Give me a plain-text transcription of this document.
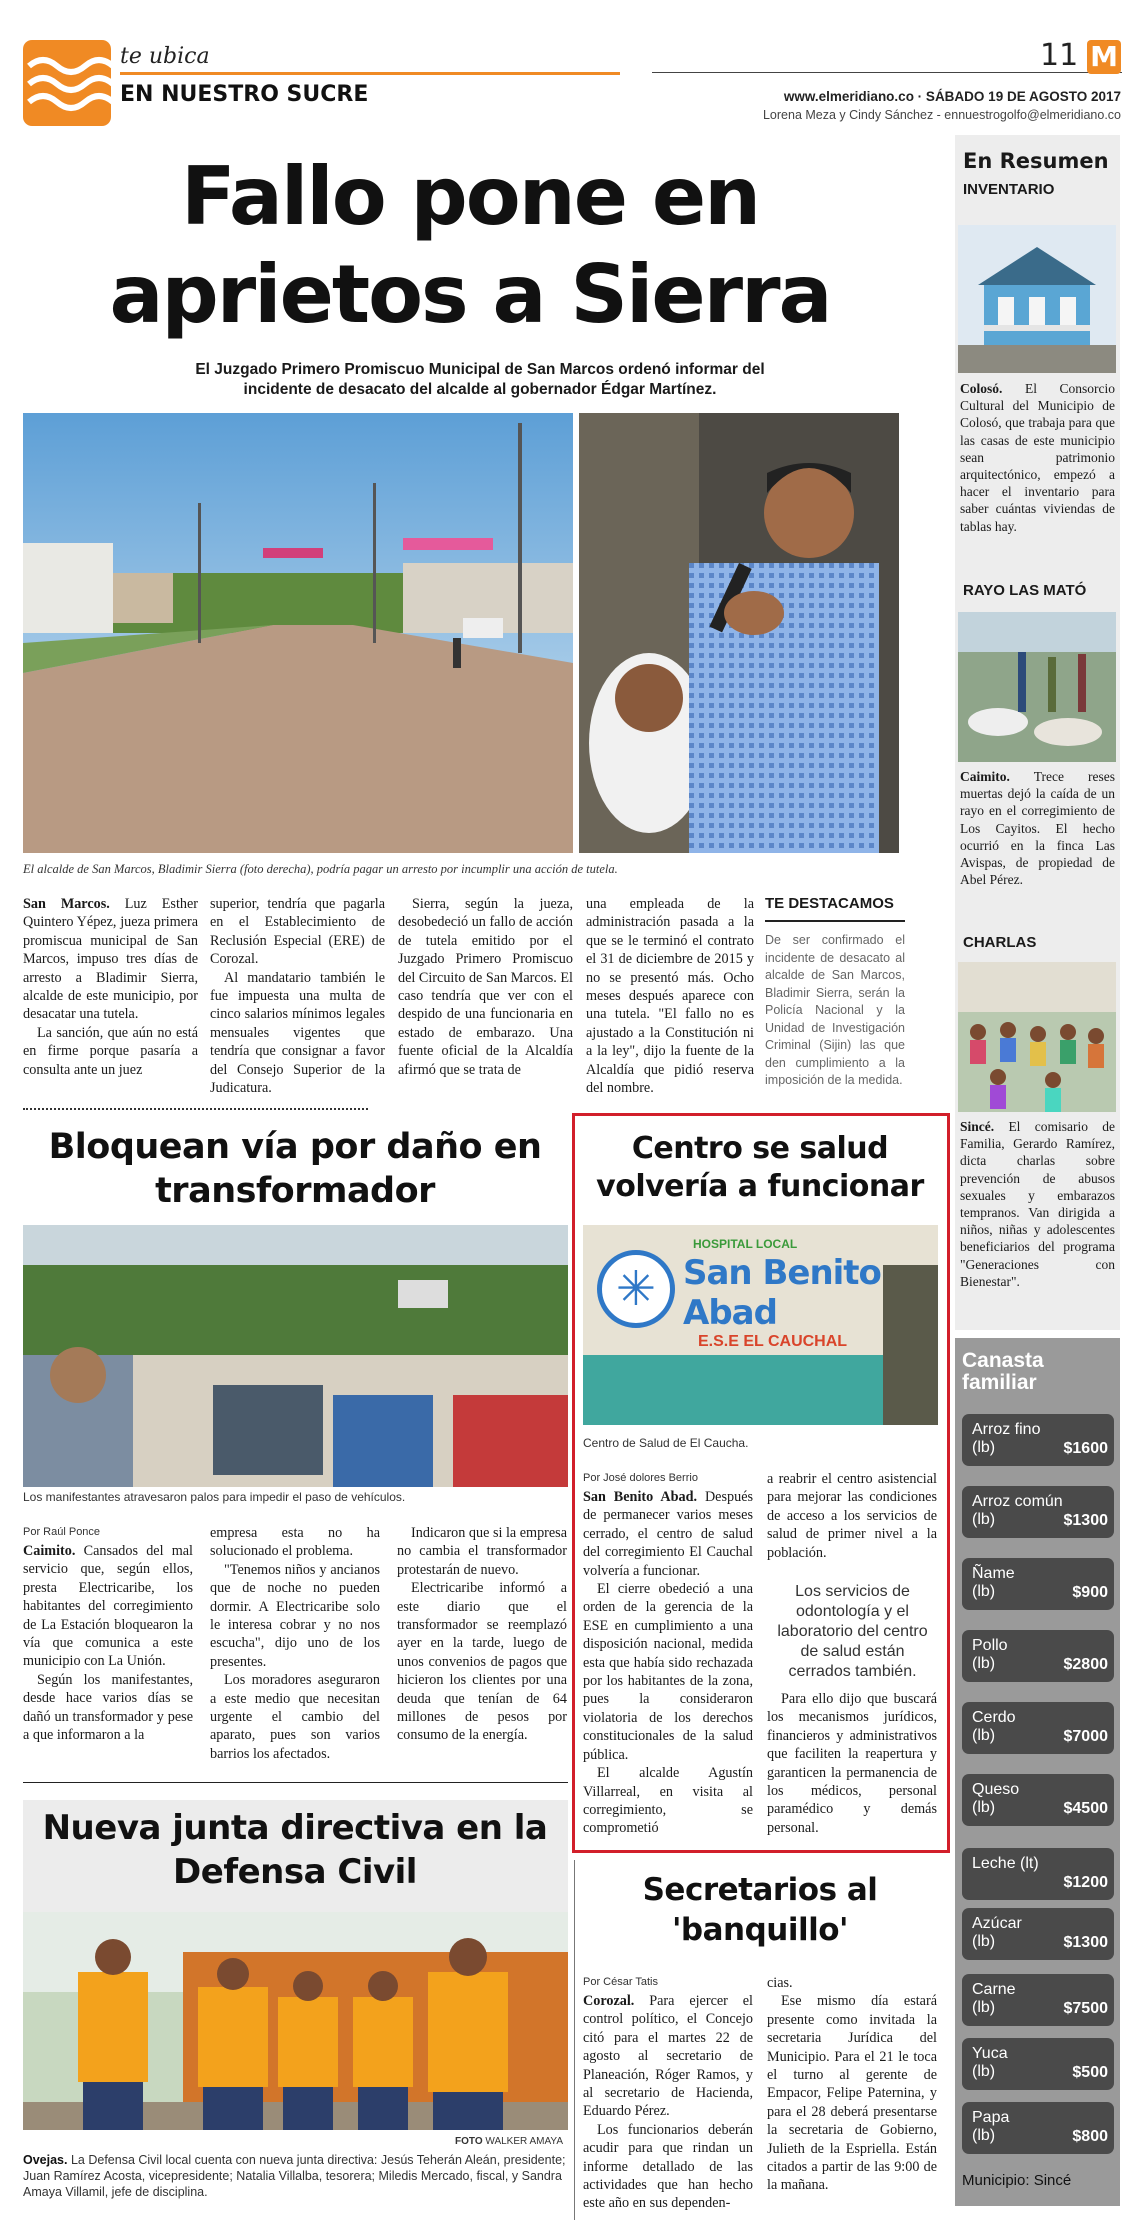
te ubica
EN NUESTRO SUCRE
11 M
www.elmeridiano.co · SÁBADO 19 DE AGOSTO 2017
Lorena Meza y Cindy Sánchez - ennuestrogolfo@elmeridiano.co
Fallo pone en
aprietos a Sierra
El Juzgado Primero Promiscuo Municipal de San Marcos ordenó informar del incidente de desacato del alcalde al gobernador Édgar Martínez.
El alcalde de San Marcos, Bladimir Sierra (foto derecha), podría pagar un arresto por incumplir una acción de tutela.

San Marcos. Luz Esther Quintero Yépez, jueza primera promiscua municipal de San Marcos, impuso tres días de arresto a Bladimir Sierra, alcalde de este municipio, por desacatar una tutela.

La sanción, que aún no está en firme porque pasaría a consulta ante un juez

superior, tendría que pagarla en el Establecimiento de Reclusión Especial (ERE) de Corozal.

Al mandatario también le fue impuesta una multa de cinco salarios mínimos legales mensuales vigentes que tendría que consignar a favor del Consejo Superior de la Judicatura.

Sierra, según la jueza, desobedeció un fallo de acción de tutela emitido por el Juzgado Primero Promiscuo del Circuito de San Marcos. El caso tendría que ver con el despido de una funcionaria en estado de embarazo. Una fuente oficial de la Alcaldía afirmó que se trata de

una empleada de la administración pasada a la que se le terminó el contrato el 31 de diciembre de 2015 y no se presentó más. Ocho meses después aparece con una tutela. "El fallo no es ajustado a la Constitución ni a la ley", dijo la fuente de la Alcaldía que pidió reserva del nombre.

TE DESTACAMOS
De ser confirmado el incidente de desacato al alcalde de San Marcos, Bladimir Sierra, serán la Policía Nacional y la Unidad de Investigación Criminal (Sijin) las que den cumplimiento a la imposición de la medida.
En Resumen
INVENTARIO

Colosó. El Consorcio Cultural del Municipio de Colosó, que trabaja para que las casas de este municipio sean patrimonio arquitectónico, empezó a hacer el inventario para saber cuántas viviendas de tablas hay.

RAYO LAS MATÓ

Caimito. Trece reses muertas dejó la caída de un rayo en el corregimiento de Los Cayitos. El hecho ocurrió en la finca Las Avispas, de propiedad de Abel Pérez.

CHARLAS

Sincé. El comisario de Familia, Gerardo Ramírez, dicta charlas sobre prevención de abusos sexuales y embarazos tempranos. Van dirigida a niños, niñas y adolescentes beneficiarios del programa "Generaciones con Bienestar".

Canasta familiar
Arroz fino
(lb)	$1600
Arroz común
(lb)	$1300
Ñame
(lb)	$900
Pollo
(lb)	$2800
Cerdo
(lb)	$7000
Queso
(lb)	$4500
Leche (lt)
$1200
Azúcar
(lb)	$1300
Carne
(lb)	$7500
Yuca
(lb)	$500
Papa
(lb)	$800
Municipio: Sincé
Bloquean vía por daño en transformador
Los manifestantes atravesaron palos para impedir el paso de vehículos.
Por Raúl Ponce

Caimito. Cansados del mal servicio que, según ellos, presta Electricaribe, los habitantes del corregimiento de La Estación bloquearon la vía que comunica a este municipio con La Unión.

Según los manifestantes, desde hace varios días se dañó un transformador y pese a que informaron a la

empresa esta no ha solucionado el problema.

"Tenemos niños y ancianos que de noche no pueden dormir. A Electricaribe solo le interesa cobrar y no nos escucha", dijo uno de los presentes.

Los moradores aseguraron a este medio que necesitan urgente el cambio del aparato, pues son varios barrios los afectados.

Indicaron que si la empresa no cambia el transformador protestarán de nuevo.

Electricaribe informó a este diario que el transformador se reemplazó ayer en la tarde, luego de unos convenios de pagos que hicieron los clientes por una deuda que tenían de 64 millones de pesos por consumo de la energía.

Centro se salud volvería a funcionar
✳
HOSPITAL LOCAL
San Benito Abad
E.S.E EL CAUCHAL
Centro de Salud de El Caucha.
Por José dolores Berrio

San Benito Abad. Después de permanecer varios meses cerrado, el centro de salud del corregimiento El Cauchal volvería a funcionar.

El cierre obedeció a una orden de la gerencia de la ESE en cumplimiento a una disposición nacional, medida esta que había sido rechazada por los habitantes de la zona, pues la consideraron violatoria de los derechos constitucionales de la salud pública.

El alcalde Agustín Villarreal, en visita al corregimiento, se comprometió

a reabrir el centro asistencial para mejorar las condiciones de acceso a los servicios de salud de primer nivel a la población.

Los servicios de odontología y el laboratorio del centro de salud están cerrados también.

Para ello dijo que buscará los mecanismos jurídicos, financieros y administrativos que faciliten la reapertura y garanticen la permanencia de los médicos, personal paramédico y demás personal.

Nueva junta directiva en la Defensa Civil
FOTO WALKER AMAYA
Ovejas. La Defensa Civil local cuenta con nueva junta directiva: Jesús Teherán Aleán, presidente; Juan Ramírez Acosta, vicepresidente; Natalia Villalba, tesorera; Miledis Mercado, fiscal, y Sandra Amaya Villamil, jefe de disciplina.
Secretarios al 'banquillo'
Por César Tatis

Corozal. Para ejercer el control político, el Concejo citó para el martes 22 de agosto al secretario de Planeación, Róger Ramos, y al secretario de Hacienda, Eduardo Pérez.

Los funcionarios deberán acudir para que rindan un informe detallado de las actividades que han hecho este año en sus dependen-

cias.

Ese mismo día estará presente como invitada la secretaria Jurídica del Municipio. Para el 21 le toca el turno al gerente de Empacor, Felipe Paternina, y para el 28 deberá presentarse la secretaria de Gobierno, Julieth de la Espriella. Están citados a partir de las 9:00 de la mañana.
